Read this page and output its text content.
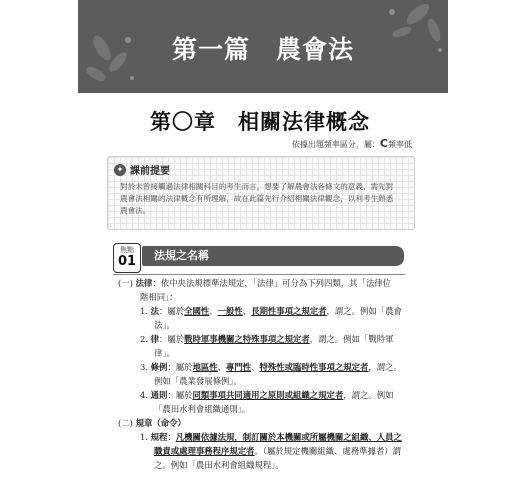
第一篇　農會法
第〇章　相關法律概念
依據出題頻率區分，屬：C頻率低
✦ 課前提要
對於未曾接觸過法律相關科目的考生而言，想要了解農會法各條文的意義，需先對
農會法相關的法律概念有所理解，故在此篇先行介紹相關法律觀念，以利考生熟悉
農會法。
焦點
01	法規之名稱
(一) 法律：依中央法規標準法規定，「法律」可分為下列四類，其「法律位
階相同」：
1. 法：屬於全國性、一般性、長期性事項之規定者，謂之。例如「農會
法」。
2. 律：屬於戰時軍事機關之特殊事項之規定者，謂之。例如「戰時軍
律」。
3. 條例：屬於地區性、專門性、特殊性或臨時性事項之規定者，謂之。
例如「農業發展條例」。
4. 通則：屬於同類事項共同適用之原則或組織之規定者，謂之。例如
「農田水利會組織通則」。
(二) 規章（命令）
1. 規程：凡機關依據法規，制訂關於本機關或所屬機關之組織、人員之
職責或處理事務程序規定者。（屬於規定機關組織、處務準據者）謂
之。例如「農田水利會組織規程」。
